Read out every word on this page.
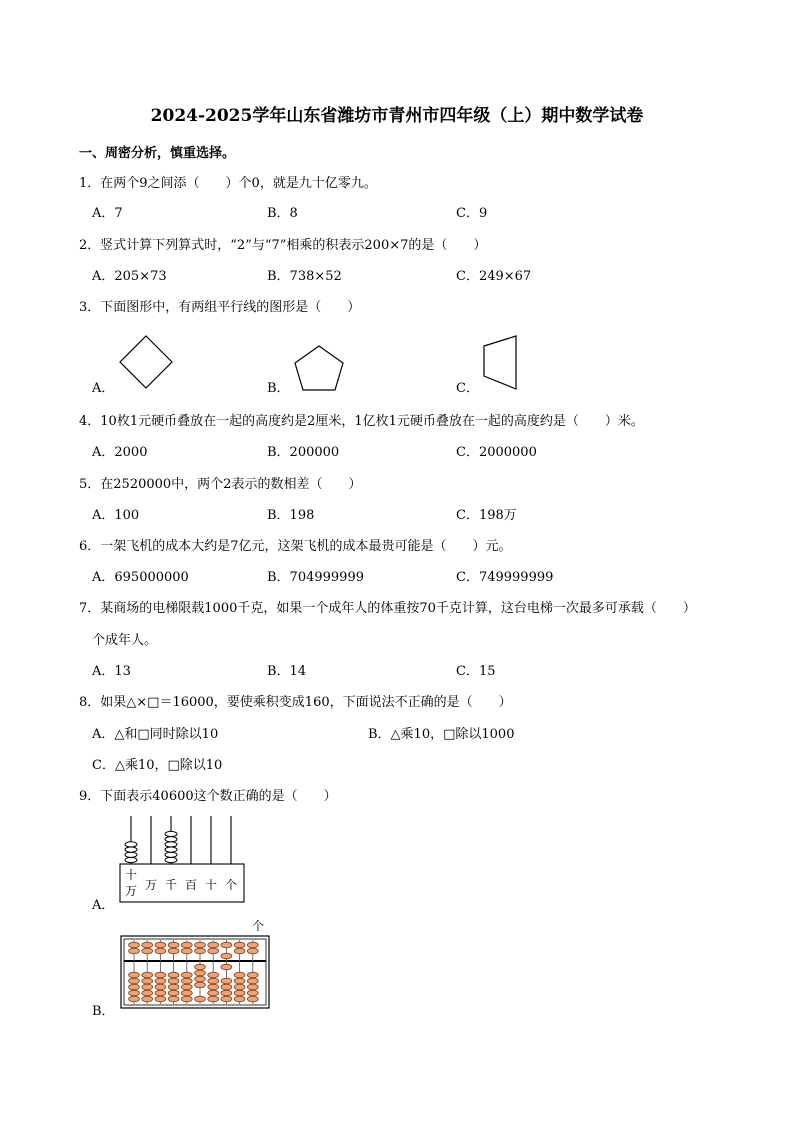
2024-2025学年山东省潍坊市青州市四年级（上）期中数学试卷
一、周密分析，慎重选择。
1．在两个9之间添（　　）个0，就是九十亿零九。
A．7	B．8	C．9
2．竖式计算下列算式时，“2”与“7”相乘的积表示200×7的是（　　）
A．205×73	B．738×52	C．249×67
3．下面图形中，有两组平行线的图形是（　　）
A．	B．	C．
4．10枚1元硬币叠放在一起的高度约是2厘米，1亿枚1元硬币叠放在一起的高度约是（　　）米。
A．2000	B．200000	C．2000000
5．在2520000中，两个2表示的数相差（　　）
A．100	B．198	C．198万
6．一架飞机的成本大约是7亿元，这架飞机的成本最贵可能是（　　）元。
A．695000000	B．704999999	C．749999999
7．某商场的电梯限载1000千克，如果一个成年人的体重按70千克计算，这台电梯一次最多可承载（　　）
个成年人。
A．13	B．14	C．15
8．如果△×□＝16000，要使乘积变成160，下面说法不正确的是（　　）
A．△和□同时除以10	B．△乘10，□除以1000
C．△乘10，□除以10
9．下面表示40600这个数正确的是（　　）
A．
十
万 万 千 百 十 个
B．
个
